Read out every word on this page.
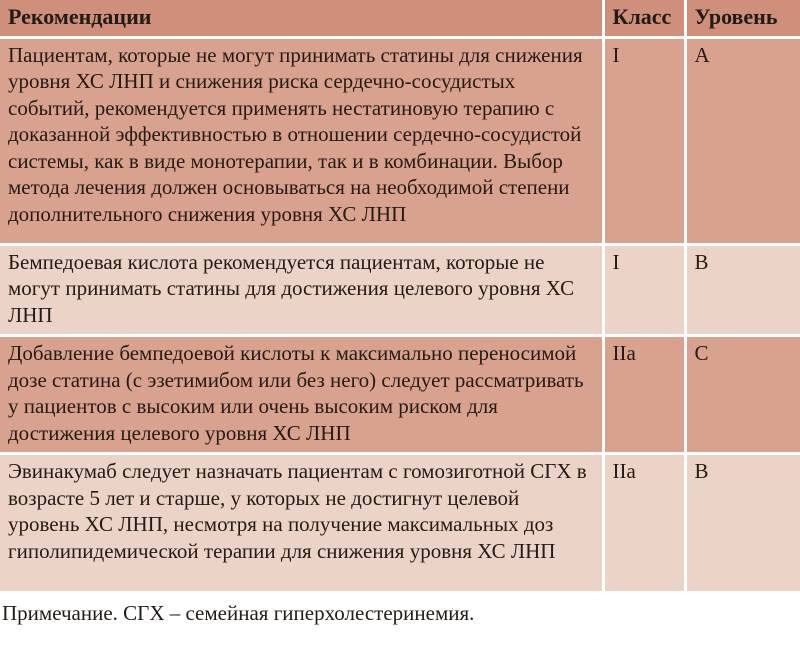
Рекомендации	Класс	Уровень
Пациентам, которые не могут принимать статины для снижения уровня ХС ЛНП и снижения риска сердечно-сосудистых событий, рекомендуется применять нестатиновую терапию с доказанной эффективностью в отношении сердечно-сосудистой системы, как в виде монотерапии, так и в комбинации. Выбор метода лечения должен основываться на необходимой степени дополнительного снижения уровня ХС ЛНП	I	A
Бемпедоевая кислота рекомендуется пациентам, которые не могут принимать статины для достижения целевого уровня ХС ЛНП	I	B
Добавление бемпедоевой кислоты к максимально переносимой дозе статина (с эзетимибом или без него) следует рассматривать у пациентов с высоким или очень высоким риском для достижения целевого уровня ХС ЛНП	IIa	C
Эвинакумаб следует назначать пациентам с гомозиготной СГХ в возрасте 5 лет и старше, у которых не достигнут целевой уровень ХС ЛНП, несмотря на получение максимальных доз гиполипидемической терапии для снижения уровня ХС ЛНП	IIa	B

Примечание. СГХ – семейная гиперхолестеринемия.
